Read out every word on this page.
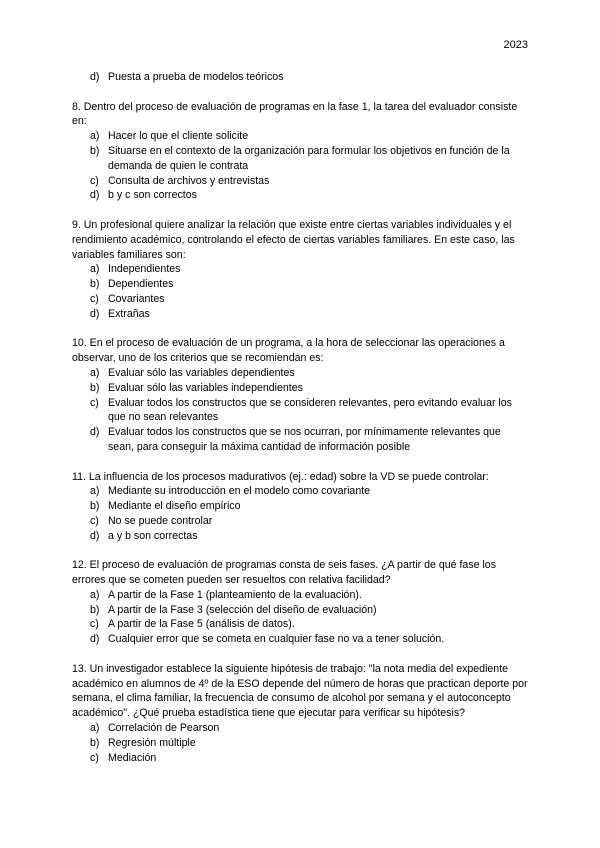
2023
d) Puesta a prueba de modelos teóricos

8. Dentro del proceso de evaluación de programas en la fase 1, la tarea del evaluador consiste en:

a) Hacer lo que el cliente solicite
b) Situarse en el contexto de la organización para formular los objetivos en función de la demanda de quien le contrata
c) Consulta de archivos y entrevistas
d) b y c son correctos

9. Un profesional quiere analizar la relación que existe entre ciertas variables individuales y el rendimiento académico, controlando el efecto de ciertas variables familiares. En este caso, las variables familiares son:

a) Independientes
b) Dependientes
c) Covariantes
d) Extrañas

10. En el proceso de evaluación de un programa, a la hora de seleccionar las operaciones a observar, uno de los criterios que se recomiendan es:

a) Evaluar sólo las variables dependientes
b) Evaluar sólo las variables independientes
c) Evaluar todos los constructos que se consideren relevantes, pero evitando evaluar los que no sean relevantes
d) Evaluar todos los constructos que se nos ocurran, por mínimamente relevantes que sean, para conseguir la máxima cantidad de información posible

11. La influencia de los procesos madurativos (ej.: edad) sobre la VD se puede controlar:

a) Mediante su introducción en el modelo como covariante
b) Mediante el diseño empírico
c) No se puede controlar
d) a y b son correctas

12. El proceso de evaluación de programas consta de seis fases. ¿A partir de qué fase los errores que se cometen pueden ser resueltos con relativa facilidad?

a) A partir de la Fase 1 (planteamiento de la evaluación).
b) A partir de la Fase 3 (selección del diseño de evaluación)
c) A partir de la Fase 5 (análisis de datos).
d) Cualquier error que se cometa en cualquier fase no va a tener solución.

13. Un investigador establece la siguiente hipótesis de trabajo: "la nota media del expediente académico en alumnos de 4º de la ESO depende del número de horas que practican deporte por semana, el clima familiar, la frecuencia de consumo de alcohol por semana y el autoconcepto académico". ¿Qué prueba estadística tiene que ejecutar para verificar su hipótesis?

a) Correlación de Pearson
b) Regresión múltiple
c) Mediación
